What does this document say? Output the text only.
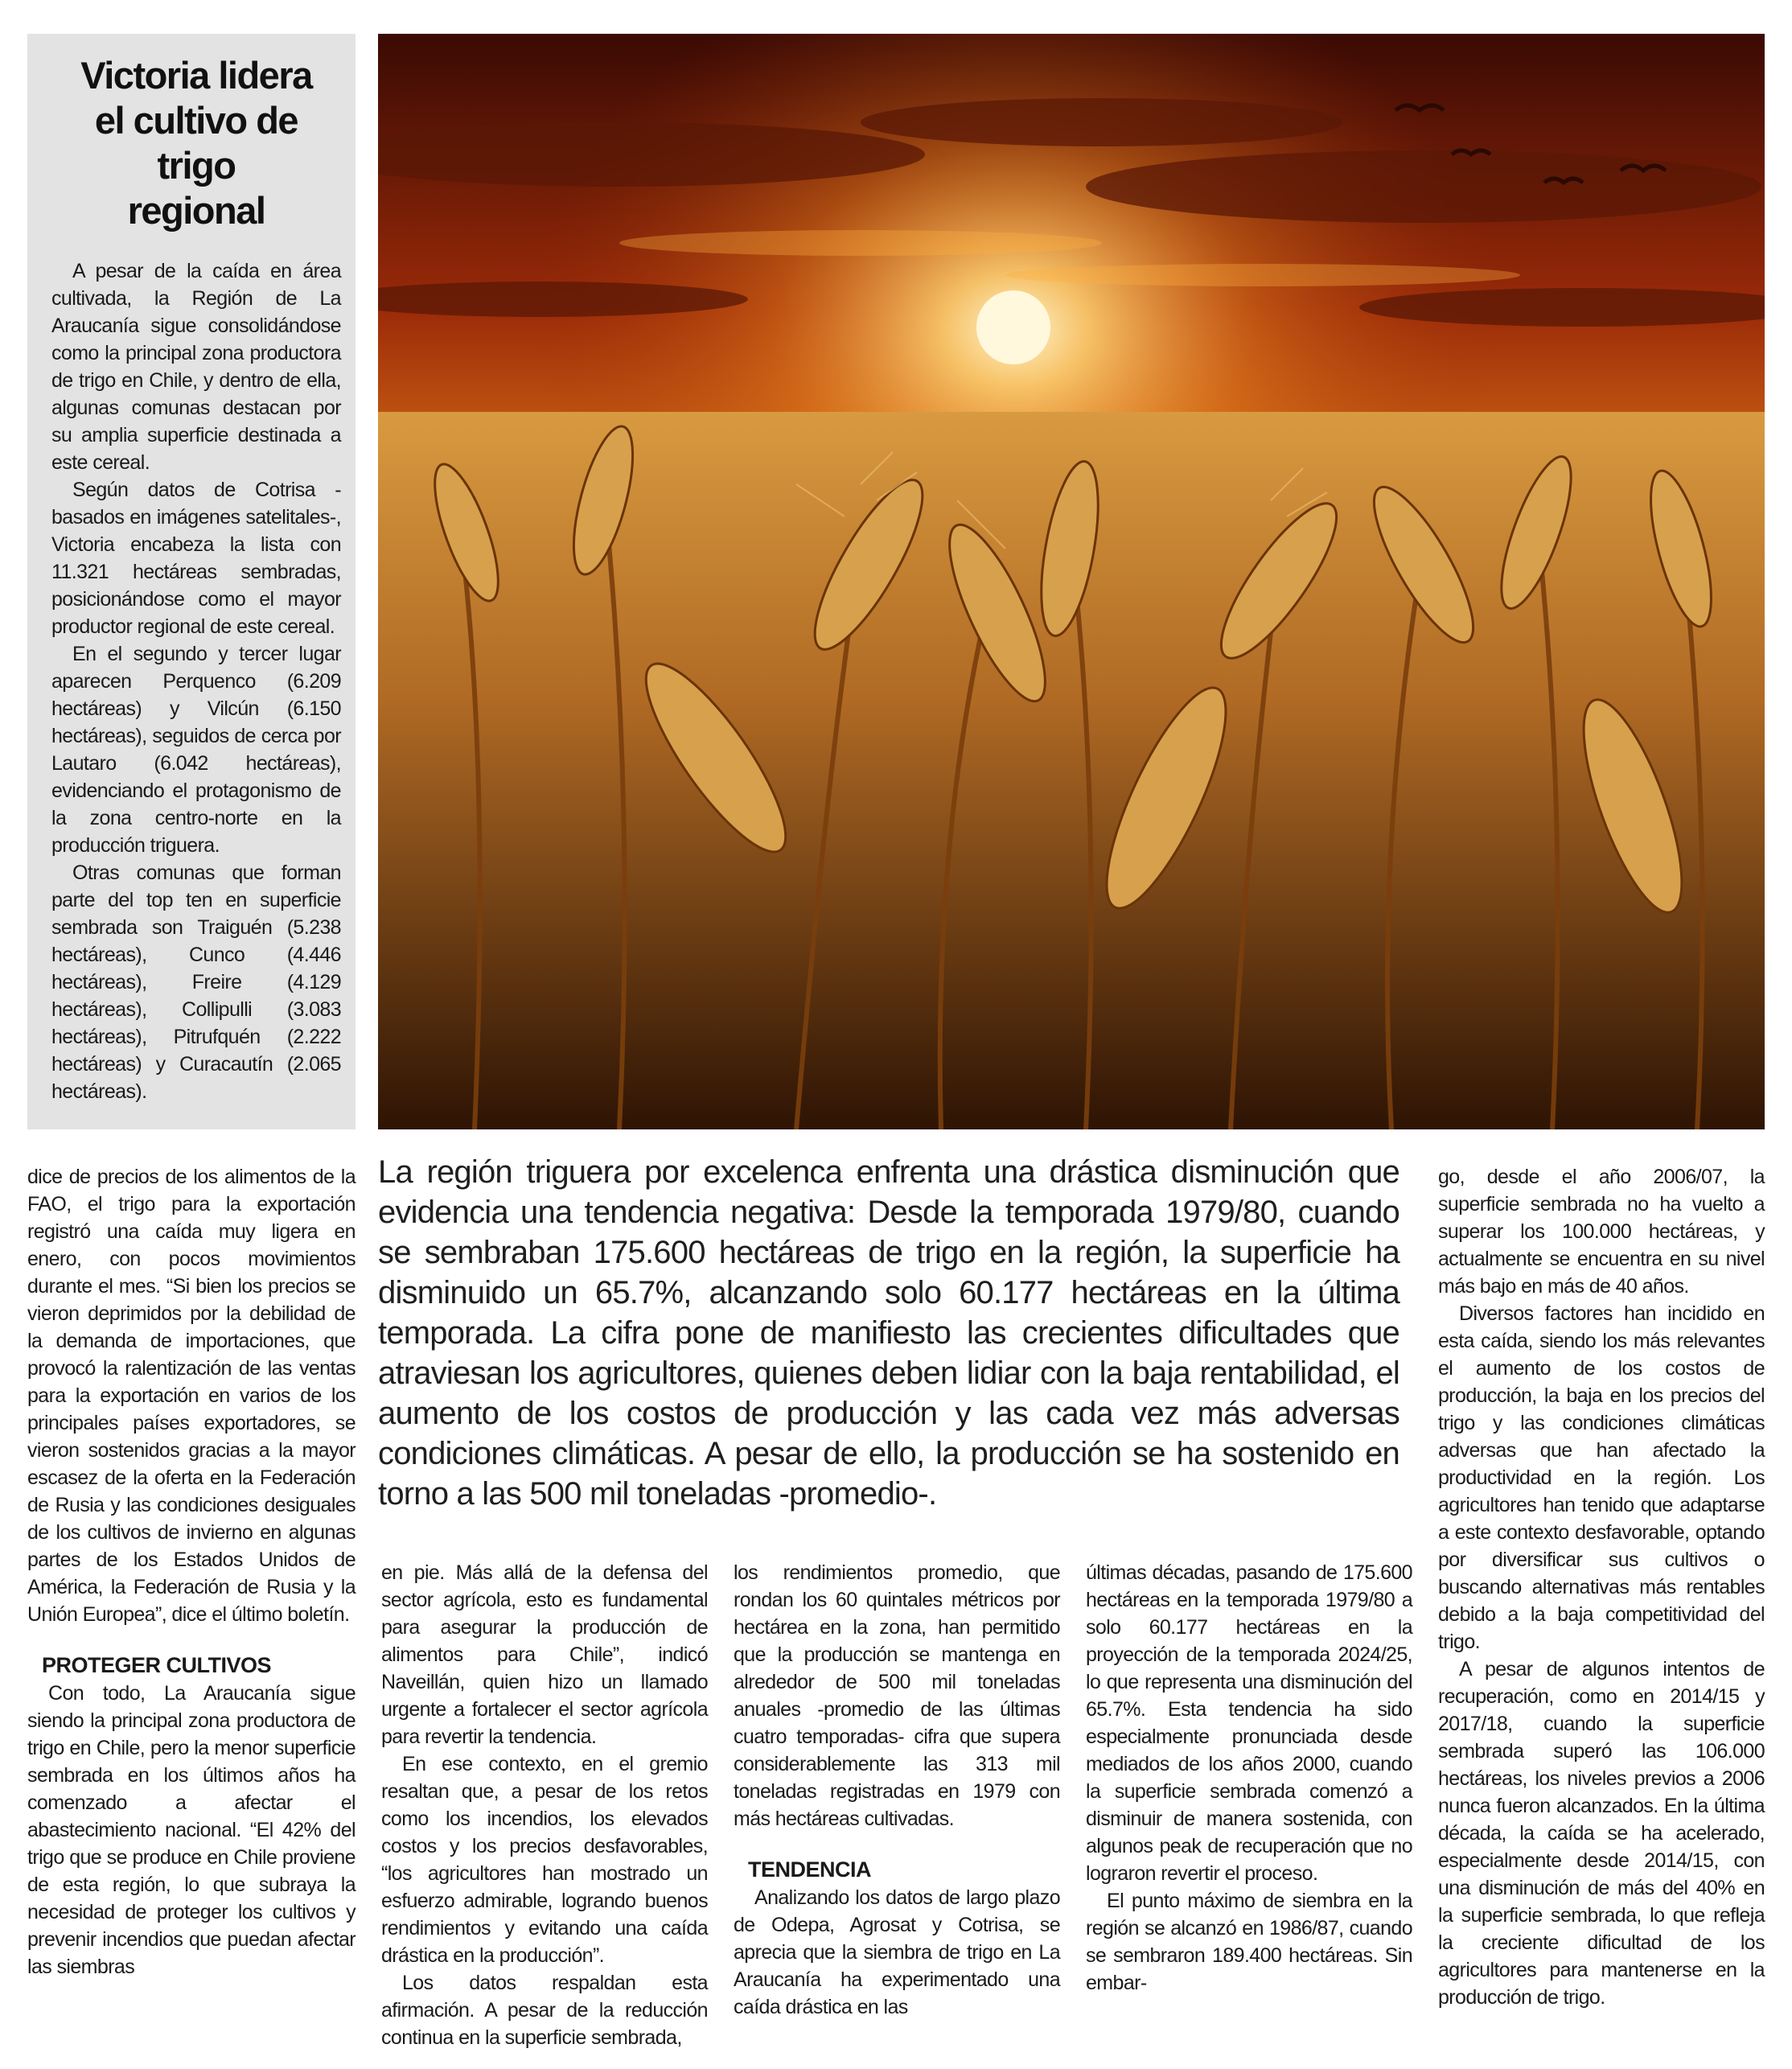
Victoria lidera
el cultivo de trigo
regional

A pesar de la caída en área cultivada, la Región de La Araucanía sigue consolidándose como la principal zona productora de trigo en Chile, y dentro de ella, algunas comunas destacan por su amplia superficie destinada a este cereal.

Según datos de Cotrisa -basados en imágenes satelitales-, Victoria encabeza la lista con 11.321 hectáreas sembradas, posicionándose como el mayor productor regional de este cereal.

En el segundo y tercer lugar aparecen Perquenco (6.209 hectáreas) y Vilcún (6.150 hectáreas), seguidos de cerca por Lautaro (6.042 hectáreas), evidenciando el protagonismo de la zona centro-norte en la producción triguera.

Otras comunas que forman parte del top ten en superficie sembrada son Traiguén (5.238 hectáreas), Cunco (4.446 hectáreas), Freire (4.129 hectáreas), Collipulli (3.083 hectáreas), Pitrufquén (2.222 hectáreas) y Curacautín (2.065 hectáreas).

La región triguera por excelenca enfrenta una drástica disminución que evidencia una tendencia negativa: Desde la temporada 1979/80, cuando se sembraban 175.600 hectáreas de trigo en la región, la superficie ha disminuido un 65.7%, alcanzando solo 60.177 hectáreas en la última temporada. La cifra pone de manifiesto las crecientes dificultades que atraviesan los agricultores, quienes deben lidiar con la baja rentabilidad, el aumento de los costos de producción y las cada vez más adversas condiciones climáticas. A pesar de ello, la producción se ha sostenido en torno a las 500 mil toneladas -promedio-.

dice de precios de los alimentos de la FAO, el trigo para la exportación registró una caída muy ligera en enero, con pocos movimientos durante el mes. “Si bien los precios se vieron deprimidos por la debilidad de la demanda de importaciones, que provocó la ralentización de las ventas para la exportación en varios de los principales países exportadores, se vieron sostenidos gracias a la mayor escasez de la oferta en la Federación de Rusia y las condiciones desiguales de los cultivos de invierno en algunas partes de los Estados Unidos de América, la Federación de Rusia y la Unión Europea”, dice el último boletín.

PROTEGER CULTIVOS

Con todo, La Araucanía sigue siendo la principal zona productora de trigo en Chile, pero la menor superficie sembrada en los últimos años ha comenzado a afectar el abastecimiento nacional. “El 42% del trigo que se produce en Chile proviene de esta región, lo que subraya la necesidad de proteger los cultivos y prevenir incendios que puedan afectar las siembras

en pie. Más allá de la defensa del sector agrícola, esto es fundamental para asegurar la producción de alimentos para Chile”, indicó Naveillán, quien hizo un llamado urgente a fortalecer el sector agrícola para revertir la tendencia.

En ese contexto, en el gremio resaltan que, a pesar de los retos como los incendios, los elevados costos y los precios desfavorables, “los agricultores han mostrado un esfuerzo admirable, logrando buenos rendimientos y evitando una caída drástica en la producción”.

Los datos respaldan esta afirmación. A pesar de la reducción continua en la superficie sembrada,

los rendimientos promedio, que rondan los 60 quintales métricos por hectárea en la zona, han permitido que la producción se mantenga en alrededor de 500 mil toneladas anuales -promedio de las últimas cuatro temporadas- cifra que supera considerablemente las 313 mil toneladas registradas en 1979 con más hectáreas cultivadas.

TENDENCIA

Analizando los datos de largo plazo de Odepa, Agrosat y Cotrisa, se aprecia que la siembra de trigo en La Araucanía ha experimentado una caída drástica en las

últimas décadas, pasando de 175.600 hectáreas en la temporada 1979/80 a solo 60.177 hectáreas en la proyección de la temporada 2024/25, lo que representa una disminución del 65.7%. Esta tendencia ha sido especialmente pronunciada desde mediados de los años 2000, cuando la superficie sembrada comenzó a disminuir de manera sostenida, con algunos peak de recuperación que no lograron revertir el proceso.

El punto máximo de siembra en la región se alcanzó en 1986/87, cuando se sembraron 189.400 hectáreas. Sin embar-

go, desde el año 2006/07, la superficie sembrada no ha vuelto a superar los 100.000 hectáreas, y actualmente se encuentra en su nivel más bajo en más de 40 años.

Diversos factores han incidido en esta caída, siendo los más relevantes el aumento de los costos de producción, la baja en los precios del trigo y las condiciones climáticas adversas que han afectado la productividad en la región. Los agricultores han tenido que adaptarse a este contexto desfavorable, optando por diversificar sus cultivos o buscando alternativas más rentables debido a la baja competitividad del trigo.

A pesar de algunos intentos de recuperación, como en 2014/15 y 2017/18, cuando la superficie sembrada superó las 106.000 hectáreas, los niveles previos a 2006 nunca fueron alcanzados. En la última década, la caída se ha acelerado, especialmente desde 2014/15, con una disminución de más del 40% en la superficie sembrada, lo que refleja la creciente dificultad de los agricultores para mantenerse en la producción de trigo.
